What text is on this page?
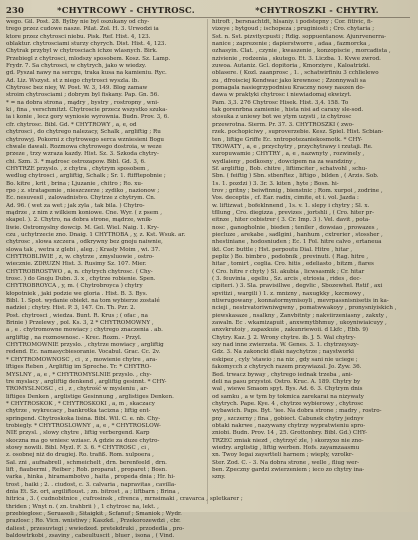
230	*CHYTRCOWY - CHYTROSC.	*CHYTROSZKI - CHYTRY.
wego. Gil. Post. 28. Bylby nie byl oszukany od chy-
trego przez cudowe nasze. Pilat. Zol. H. 3. Urwodzi ia
ktore przez chytrosci niebu. Pisk. Ref. Hist. 4, 123.
oblaktur. chytrosciami sturzy chyrych. Dist. Hist. 4, 123.
Chytrak przybyl w chytrosciach ichze wlasnych. Birk.
Przebiegl z chytrosci, mlodszy sposobem. Kosz. Sz. Lamp.
Frydr. 7. Sa chytrosci, w chytrych, jako w wiedzy.
gd. Pyszal nawy na sercgu, traka kusa na kamieniu. Ryc.
Ad. Liz. Wszyst. st z niego chytrosci wyszla. ib.
Chytrosc bez niey, W. Post. W. 3, 149. Blog zamaw
stroim chytrosciami ; dobrym byl fiskany. Pap. Gn. 56.
* = na dobra strona , mądry , bystry , rostropny , wni-
ki , fina , verschmitzt. Chytroscie przecz wszystko szuka-
ia i konie , lecz gory wyniosie wyrownia. Budn. Prov. 3, 6.
cfr. chytrosc. Bibl. Gd. * CHYTROWY , a, e, od
chytrosci , do chytrego nalezacy, Schalk , argliftig ; Ru
chytrowyj. Pokorni z chytrowego serca wzniesieni Bogu
chwale dawali. Rozmowa chytrowego dostroia, w weze
przeze , trzy wzraza kazdy. Hist. Sz. 3. Szkoda chytry-
chi. Szm. 3. * mądrosc ostrozapow. Bibl. Gd. 3, 6.
CHYTRZE przyslo. , z chytra , chytrym sposobem ,
wedlug chytrosci , argliftig, Schalk ; Sr. 1. ftifftepobnie ;
Bo. kitre , krit , brina ; Ljuzanie , chitro ; Ro. xu-
rpo ; z. stratagemie , nieszczerze ; zydiko , nazionow ;
Ec. nesuvesil , zalovadnistvo. Chytrze z chytrym. Cn.
Ad. 96. ( wet za wet ; jak zyla , tak bila. ) Chytro-
mądrze , z nim z wilkiem koniowe. Cne. Wyr. ( z psem ,
skapel. ). 2. Chytro, na dobra strone, mądrze, wnik-
liwie. Ostromyslny dowcip. M. Gel. Wiel. Naig. 1. Kry-
czu , uchytrzecie zno. Dnaig. 1 CHYTROBA , y, z. Kst. Wsuk. ar.
chytrosc , slowa szczera , odkrywny bez gnoju naiwnie,
slowa tak , wetra z glebi , aleg. ; Krasly Moim , wi. 37.
CHYTROBLIWIE , z, w. chytrze , zmysluowie , ostro-
wiecznie. ZDRUZN Hist. 3. Rusimy Sz. 107. Mier.
CHYTROBROSTWO , a, n. chytrych chytrosc. ( Chy-
trosc. ) do Gnoju Dubn. 3. x , chytrze robienie. Spen.
CHYTROBROYCA , y, m. ( Chytrobroyca ) chytry
kłopotniek , jaki podzie we gloria . Hist. B. 3. Bys.
Bibl. 1. Spot. wydanie obiekt. na tom wybierze zostałé
nadziei ; chytry. Hist. P. 3, 147. Cn. Th. Pzr. 2.
Post. chytrosci , wiedza. Bunt. R. Krus ; ( ofac , na
Brinie ) Przelewy , pol. Ks. 3, 2 * CHYTROMOWNY ,
a , e . chytromowne mowiacy ; chytrego znaczenia . ab.
argliftig , na rozmownosc. - Krec. Rozm. - Przyl.
CHYTROMOWNIE przyslo. , chytrze mowiacy , argliftig
redend. Ec. namasycbiesoranie. Vocabul. Grac. Cc. 2v.
* CHYTROMOWNOSC , ci , z , mowienie chytre , ara-
lftiges Reben , Argliftig im Spreche. Tr. * CHYTRO-
MYSLNY , a, e , * CHYTROMYSLNIE przyslo. , chy-
tre myslacy , argliftig denkend , argliftig gesinnt. * CHY-
TROMYSLNOSC , ci , z , chytrość w mysleniu , ar-
liftiges Denken , arglistige Gesinnung , arglistiges Denken.
* CHYTROSKOK , * CHYTROSKOKI , a, m , skaczacy
chytrze , wykrecacy , bankrotka tacizna ; liftig ent-
springend. Chytroskoka lisina. Bibl. Wil. C. e. nb. Chy-
trobiegly. * CHYTROSLOWNY , a, e , * CHYTROSLOW-
NIE przysl. , slowy chytre , liftig verbergend. Karp
skoczna ma go wniesc wziasc. A gdzie za duze chytro-
stowy nowili. Bibl. Myzl. F. 3. 6. * CHYTROSC , ci ,
z. osobnej niż do drugiej. Ro. trafiß. Rom. xulpoera ,
Sal. zni , aufnabrell , schmeichelt , drn. berenfeeld , drn.
lift , fiaubermi , Reiber ; Rob. proparat , proparet ; Bosn.
varka , hinka , hiramambotvo , haita , propeda dnia ; Hr. hi-
trost , haiki ; 2. . ciudost, c. 3. calvaria , napravitas , cavilla-
dnia Et. Sz. ort, argiliftoust. ; zn. bitrost , a ; liftbarn ; Brina ,
hitrica , 3. ( cudnobitnice , cufrosinsk , cfrenca , mrnsimaki , cravarca , spletkarer ;
thriden ; Wnyt n. ( zn. trahbrii ) , 1 chytrosc na, lekt. ,
przebieglosc , Seruasoli , Sitaigkit , Scfanuf ; Smaniok ; Wydr.
prazlosc ; Ro. Vicn. wnistiwy ; Kaszkd. , Przekorozewdzi , cbr.
daliest , przesuvtegi ; wwiedzed. pretekdruki , przodedla , pro-
baldowtrkobi , zsaviny , cabeultuscit , bluer , isona , ( Vind.
hitroft , bersnachtdt, hlsaniy. i podstepny ; Cor. fitivic, fi-
vizeye ; bytgoud ; ischopeza ; pruginiosti ; Cro. chytaria ;
Sst. n. Sst. pizvitycpusti ; Rdig. soppuentanow. Ajunrvenerra-
nanice ; zaprezenie ; dapierstworre , adaa , fazmorcka ,
ozhasyin. Clat. , czynie , kwaszenie , konzopiscie , morcadista ,
nzivienie , rodzenia , skutego. Et. 3. Liczba. 1. Kvwe zwrod.
zuwoa. Autaniz. Gcl. dopitoria , Kmorziyre , Kaloatrizki.
oblasere. ( Kozl. zaanprosc , 1. , schatwirfiniu 3 cchlielewo
zu , dfroisciej Kendwac jako krewnosc ; Zzonnywali sa
pomagala nasiegrzypodnisu Kraczny nowy naszen do-
dawa w praktyki chytrosc i niewiadomaj ekwizyt.
Pam. 3,3. 276 Chytrosc Hisek. Hist. 3,4. 158. To
tak gorenrbna zamienie , hista nisi ad caraxy sle-sod.
stosuka z uniewy bot we ytym uzysti , iz chytrosc
przewrotna. Sierm. Pr. 37. 3. CHYTROSZKI ( zwo-
rzek. pochopiciwy , suproverzebie. Kesz. Spiel. Hist. Scbian-
ten , liftige Griffe Ec. xntropotezaniekosmotk. * CHY-
TROWATY , a, e , przychytry , przychytrawy i rzutaji. Re.
xuropuwamie ; CHYTRY , a, e , nazwnyty , rozwinely ,
wydlaieny , podkosny , dowcipem na za wandziny ,
Sf. argliftig , Bob. chitre , liftimciter , schatvohl , schu-
Sbn. ( feiftig ) Sbn. stbenftez , liftigo , bilden , ( Arzis. Sob.
1s. 1. pozdzi ) 3. 3r. 3. kiten , hyte ; Bosn. hi-
trov ; gritny ; beiwfinnig , bienstnic ; Rom. xurpoi , zodrine ,
Vos. deceptis , cf. Ear. radix, cimite, et i. vol. Jazda :
w. liftizwat , bofeklnnend , 1s. v. 1. slepy i chytry ; Sl. x.
tfllung , Cro. diegizza , previzes , jortshli , ( Cro. hiter pr-
eitnze , hiter cebistrer ( 3. Cr. Imp. 3 ). Vel. davit , pota-
nosc , ganogholnie , bieden ; teniler , dowsiao , prowazes ,
piecluze , arekabe , sadlgini , hanhum , cxtrerier , stossher ,
nhestiniane , hodosniuden ; Ec. 1 Fol. hitre calvo , ertaneua
ikt. Cor. buttle ; Hst. perpoutu Dial. Hitre , hitar ,
pepliz ) Bo. bimbro , podobnik , previnuti. ( Rag. hitre ,
hitar , tomirt , ceglia. Cro. hitis , edeliasto , bitzm , fiares
( Cro. hitre r chyty ) Sl. akubia , licwsasmik ; Cr. hitar
( 3. feuvinia , egeliu , Sz. arcis , etriosia , rides , dec-
cipiteri. ) 3. Sla. pravisillwe , degvlic , Sbozewhel. Rstif , axi
spvitizi , wargili ) 1. z. mnizny , naxugkky , kzcmowy ,
ntiwrugowany , konnatormymisoyli , mevrpassnisnisetis in ka-
ncieji , nestrvatoriwniwgwny , pomatwwakoyy , pronysniyiskich ,
piewskasaze , nsalkny , Zanvbitnty ; nakviirzeniasny , zakxty ,
zawaln. Ec . wkamizapuit , anxwmytbhmuy , ukoyniwiaicuyy ,
anxvkrutoiy , zapaxkuie , zakunriewoii. d Lkfc , Ebb. 9)
Chytry. Kaz. J. 2. Wrony chytre. ib. J. 5. Wal chytry-
szy nad inne zwierzeta. W. Genes. 3. 1. chytrzeyszy-
Gdz. 3. Na zakoncki dlaki naychytrze ; naystworki
eskipez , cyly 'stawio ; na niz , gdy sani nie uciege ;
fakomycch z chytrych razem przywiazal. Jo. Zyw. 36.
Bed. trwacz byway , chytrego iednak trzeba , ani-
deli na pasu przystoi. Ostro. Kruc. A. 189. Chytry by
wal , wiewe Smaom spyt. Bys. Ad. 6. 3. Chytrym dnis
od samku , a w tym by tokmica zarekarai na nizywaty
chytrych. Pape. Kye. 4 , chytrze wybierowy , chytrosc
wybawich. Paps. Byt. 'iee. Na dobra strone ; madry , rostro-
pny , szczerny ; fina , gobiect. Cabunek chytry jednyv
obtaki nakrwe , nazywany chytrzy wypratwieniu spro-
zniobi. Budn. Prov. 14 , 25. Grottonbry. Bibl. Gd.) CHY-
TRZEC zmiak niezd , chytrzyć zle, ) skorzyxo nie zno-
wiedry. arglistig , liftig werben. Hofs. zayamzaasmu
xn. Twoy Iegai zaysrtteli harnem ; wieply, vzrolkr-
Ster. Zod. C. - 3. Na dobra strone , welle , fliug wer-
ben. Zpeczny gardzi zwierzeniem ; ieco zo chytry ina-
szny.
